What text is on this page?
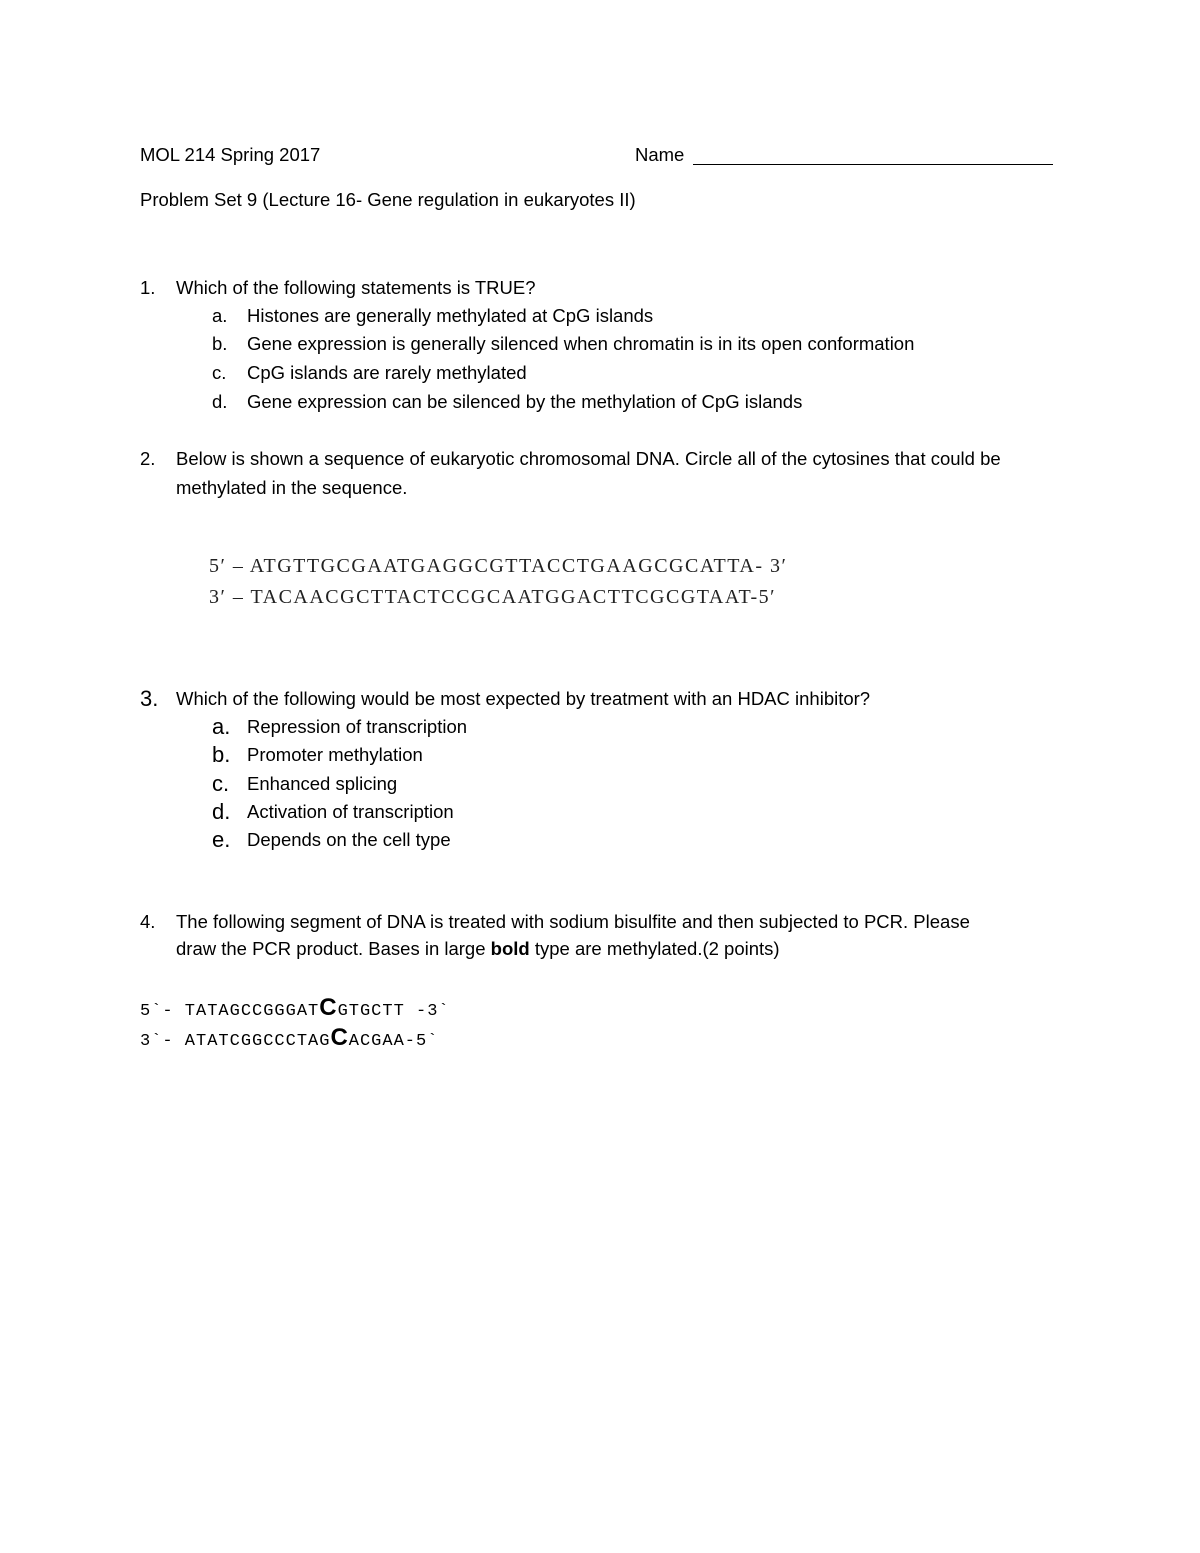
MOL 214 Spring 2017	Name
Problem Set 9 (Lecture 16- Gene regulation in eukaryotes II)
1. Which of the following statements is TRUE?
a. Histones are generally methylated at CpG islands
b. Gene expression is generally silenced when chromatin is in its open conformation
c. CpG islands are rarely methylated
d. Gene expression can be silenced by the methylation of CpG islands
2. Below is shown a sequence of eukaryotic chromosomal DNA. Circle all of the cytosines that could be
methylated in the sequence.
5′ – ATGTTGCGAATGAGGCGTTACCTGAAGCGCATTA- 3′
3′ – TACAACGCTTACTCCGCAATGGACTTCGCGTAAT-5′
3. Which of the following would be most expected by treatment with an HDAC inhibitor?
a. Repression of transcription
b. Promoter methylation
c. Enhanced splicing
d. Activation of transcription
e. Depends on the cell type
4. The following segment of DNA is treated with sodium bisulfite and then subjected to PCR. Please
draw the PCR product. Bases in large bold type are methylated.(2 points)
5`- TATAGCCGGGATCGTGCTT -3`
3`- ATATCGGCCCTAGCACGAA-5`
